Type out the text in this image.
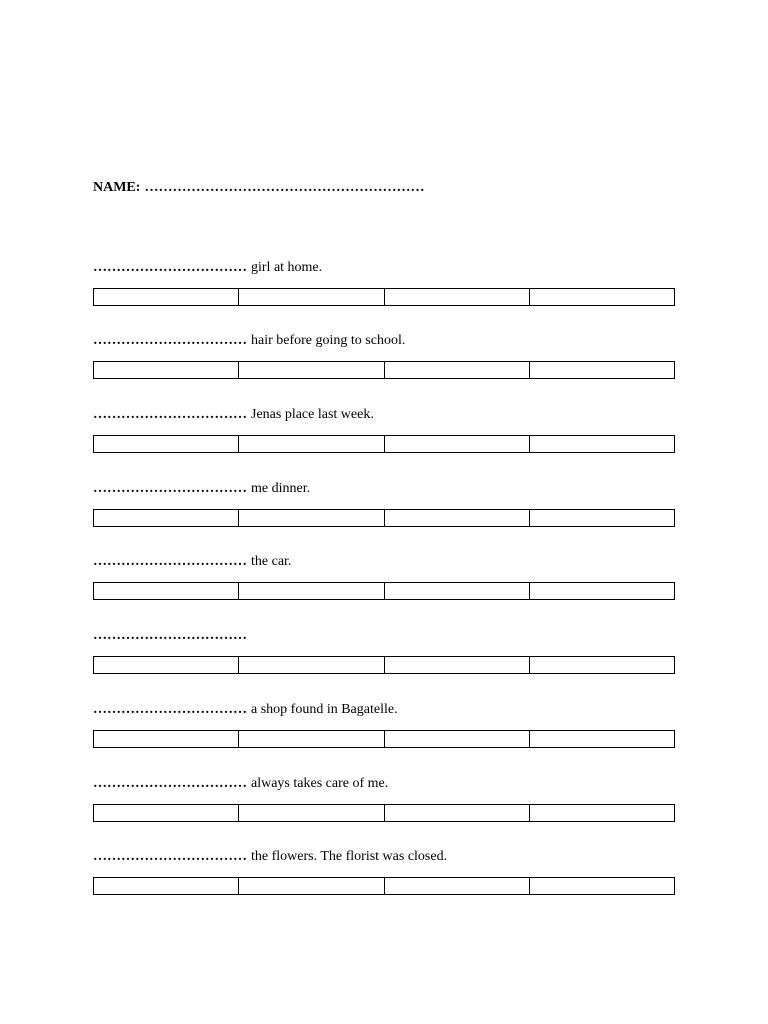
NAME: ……………………………………………………
…………………………… girl at home.
…………………………… hair before going to school.
…………………………… Jenas place last week.
…………………………… me dinner.
…………………………… the car.
……………………………
…………………………… a shop found in Bagatelle.
…………………………… always takes care of me.
…………………………… the flowers. The florist was closed.
